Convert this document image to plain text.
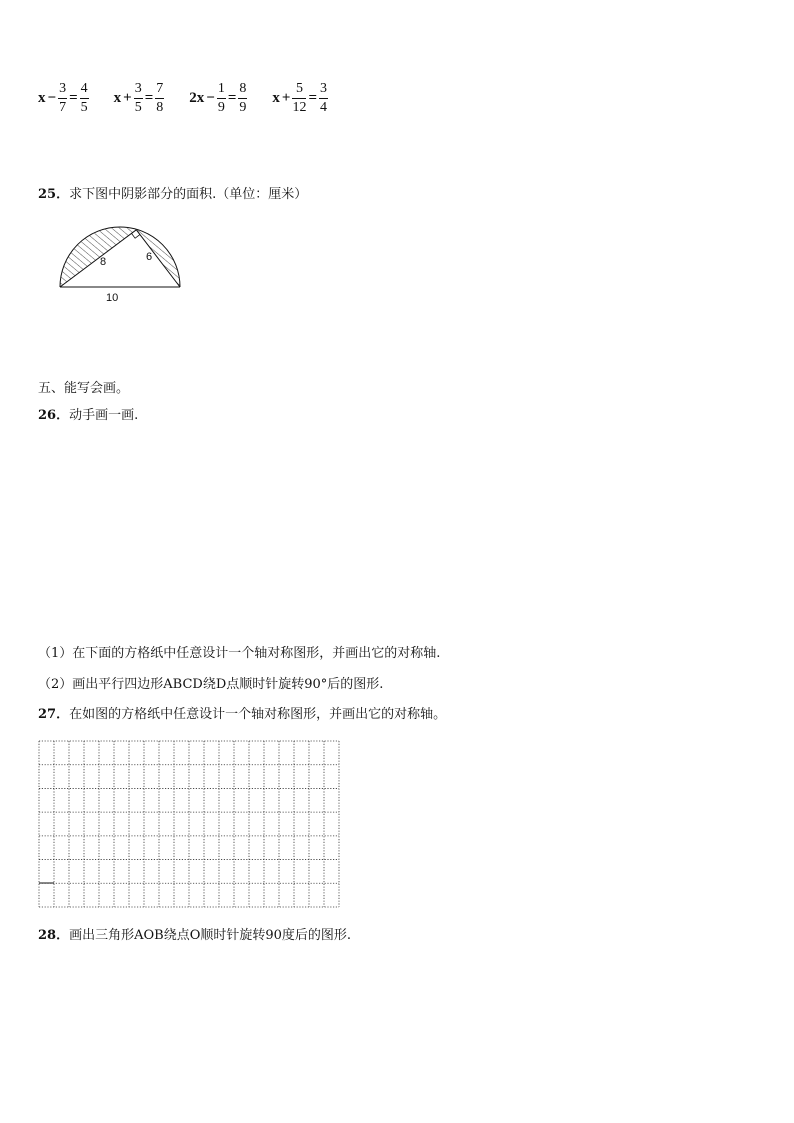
$x - \frac{3}{7} = \frac{4}{5}$ $x + \frac{3}{5} = \frac{7}{8} 2x - \frac{1}{9} = \frac{8}{9}$ $x + \frac{5}{12} = \frac{3}{4}$
25．求下图中阴影部分的面积.（单位：厘米）
8	6
10
五、能写会画。
26．动手画一画.
（1）在下面的方格纸中任意设计一个轴对称图形，并画出它的对称轴.
（2）画出平行四边形ABCD绕D点顺时针旋转90°后的图形.
27．在如图的方格纸中任意设计一个轴对称图形，并画出它的对称轴。
28．画出三角形AOB绕点O顺时针旋转90度后的图形.
